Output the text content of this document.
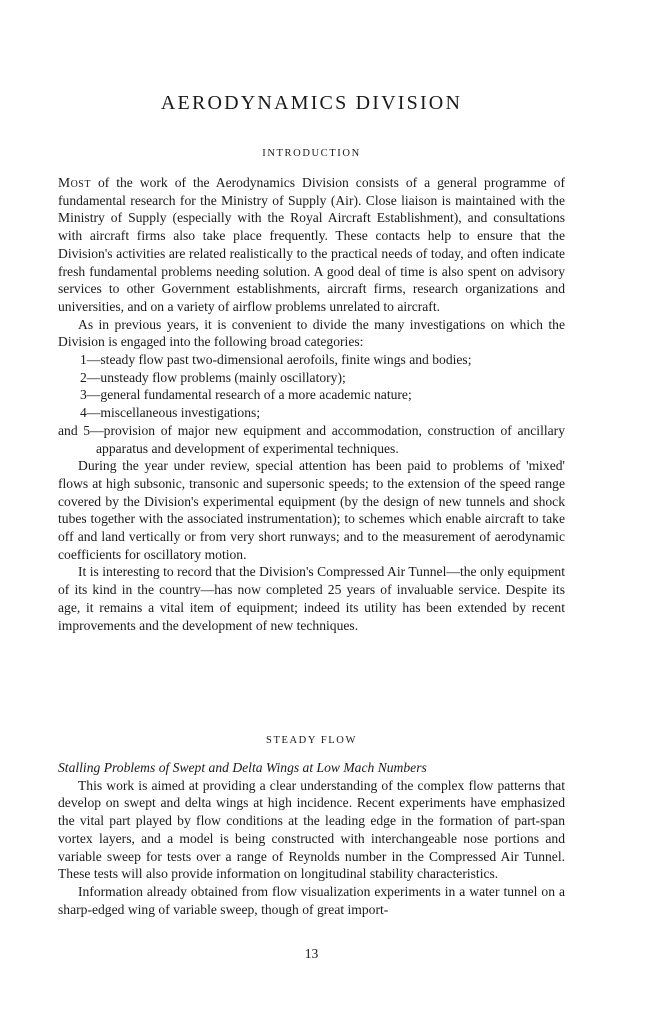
AERODYNAMICS DIVISION
INTRODUCTION

Most of the work of the Aerodynamics Division consists of a general programme of fundamental research for the Ministry of Supply (Air). Close liaison is maintained with the Ministry of Supply (especially with the Royal Aircraft Establishment), and consultations with aircraft firms also take place frequently. These contacts help to ensure that the Division's activities are related realistically to the practical needs of today, and often indicate fresh fundamental problems needing solution. A good deal of time is also spent on advisory services to other Government establishments, aircraft firms, research organizations and universities, and on a variety of airflow problems unrelated to aircraft.

As in previous years, it is convenient to divide the many investigations on which the Division is engaged into the following broad categories:

1—steady flow past two-dimensional aerofoils, finite wings and bodies;

2—unsteady flow problems (mainly oscillatory);

3—general fundamental research of a more academic nature;

4—miscellaneous investigations;

and 5—provision of major new equipment and accommodation, construction of ancillary apparatus and development of experimental techniques.

During the year under review, special attention has been paid to problems of 'mixed' flows at high subsonic, transonic and supersonic speeds; to the extension of the speed range covered by the Division's experimental equipment (by the design of new tunnels and shock tubes together with the associated instrumentation); to schemes which enable aircraft to take off and land vertically or from very short runways; and to the measurement of aerodynamic coefficients for oscillatory motion.

It is interesting to record that the Division's Compressed Air Tunnel—the only equipment of its kind in the country—has now completed 25 years of invaluable service. Despite its age, it remains a vital item of equipment; indeed its utility has been extended by recent improvements and the development of new techniques.

STEADY FLOW

Stalling Problems of Swept and Delta Wings at Low Mach Numbers

This work is aimed at providing a clear understanding of the complex flow patterns that develop on swept and delta wings at high incidence. Recent experiments have emphasized the vital part played by flow conditions at the leading edge in the formation of part-span vortex layers, and a model is being constructed with interchangeable nose portions and variable sweep for tests over a range of Reynolds number in the Compressed Air Tunnel. These tests will also provide information on longitudinal stability characteristics.

Information already obtained from flow visualization experiments in a water tunnel on a sharp-edged wing of variable sweep, though of great import-

13
